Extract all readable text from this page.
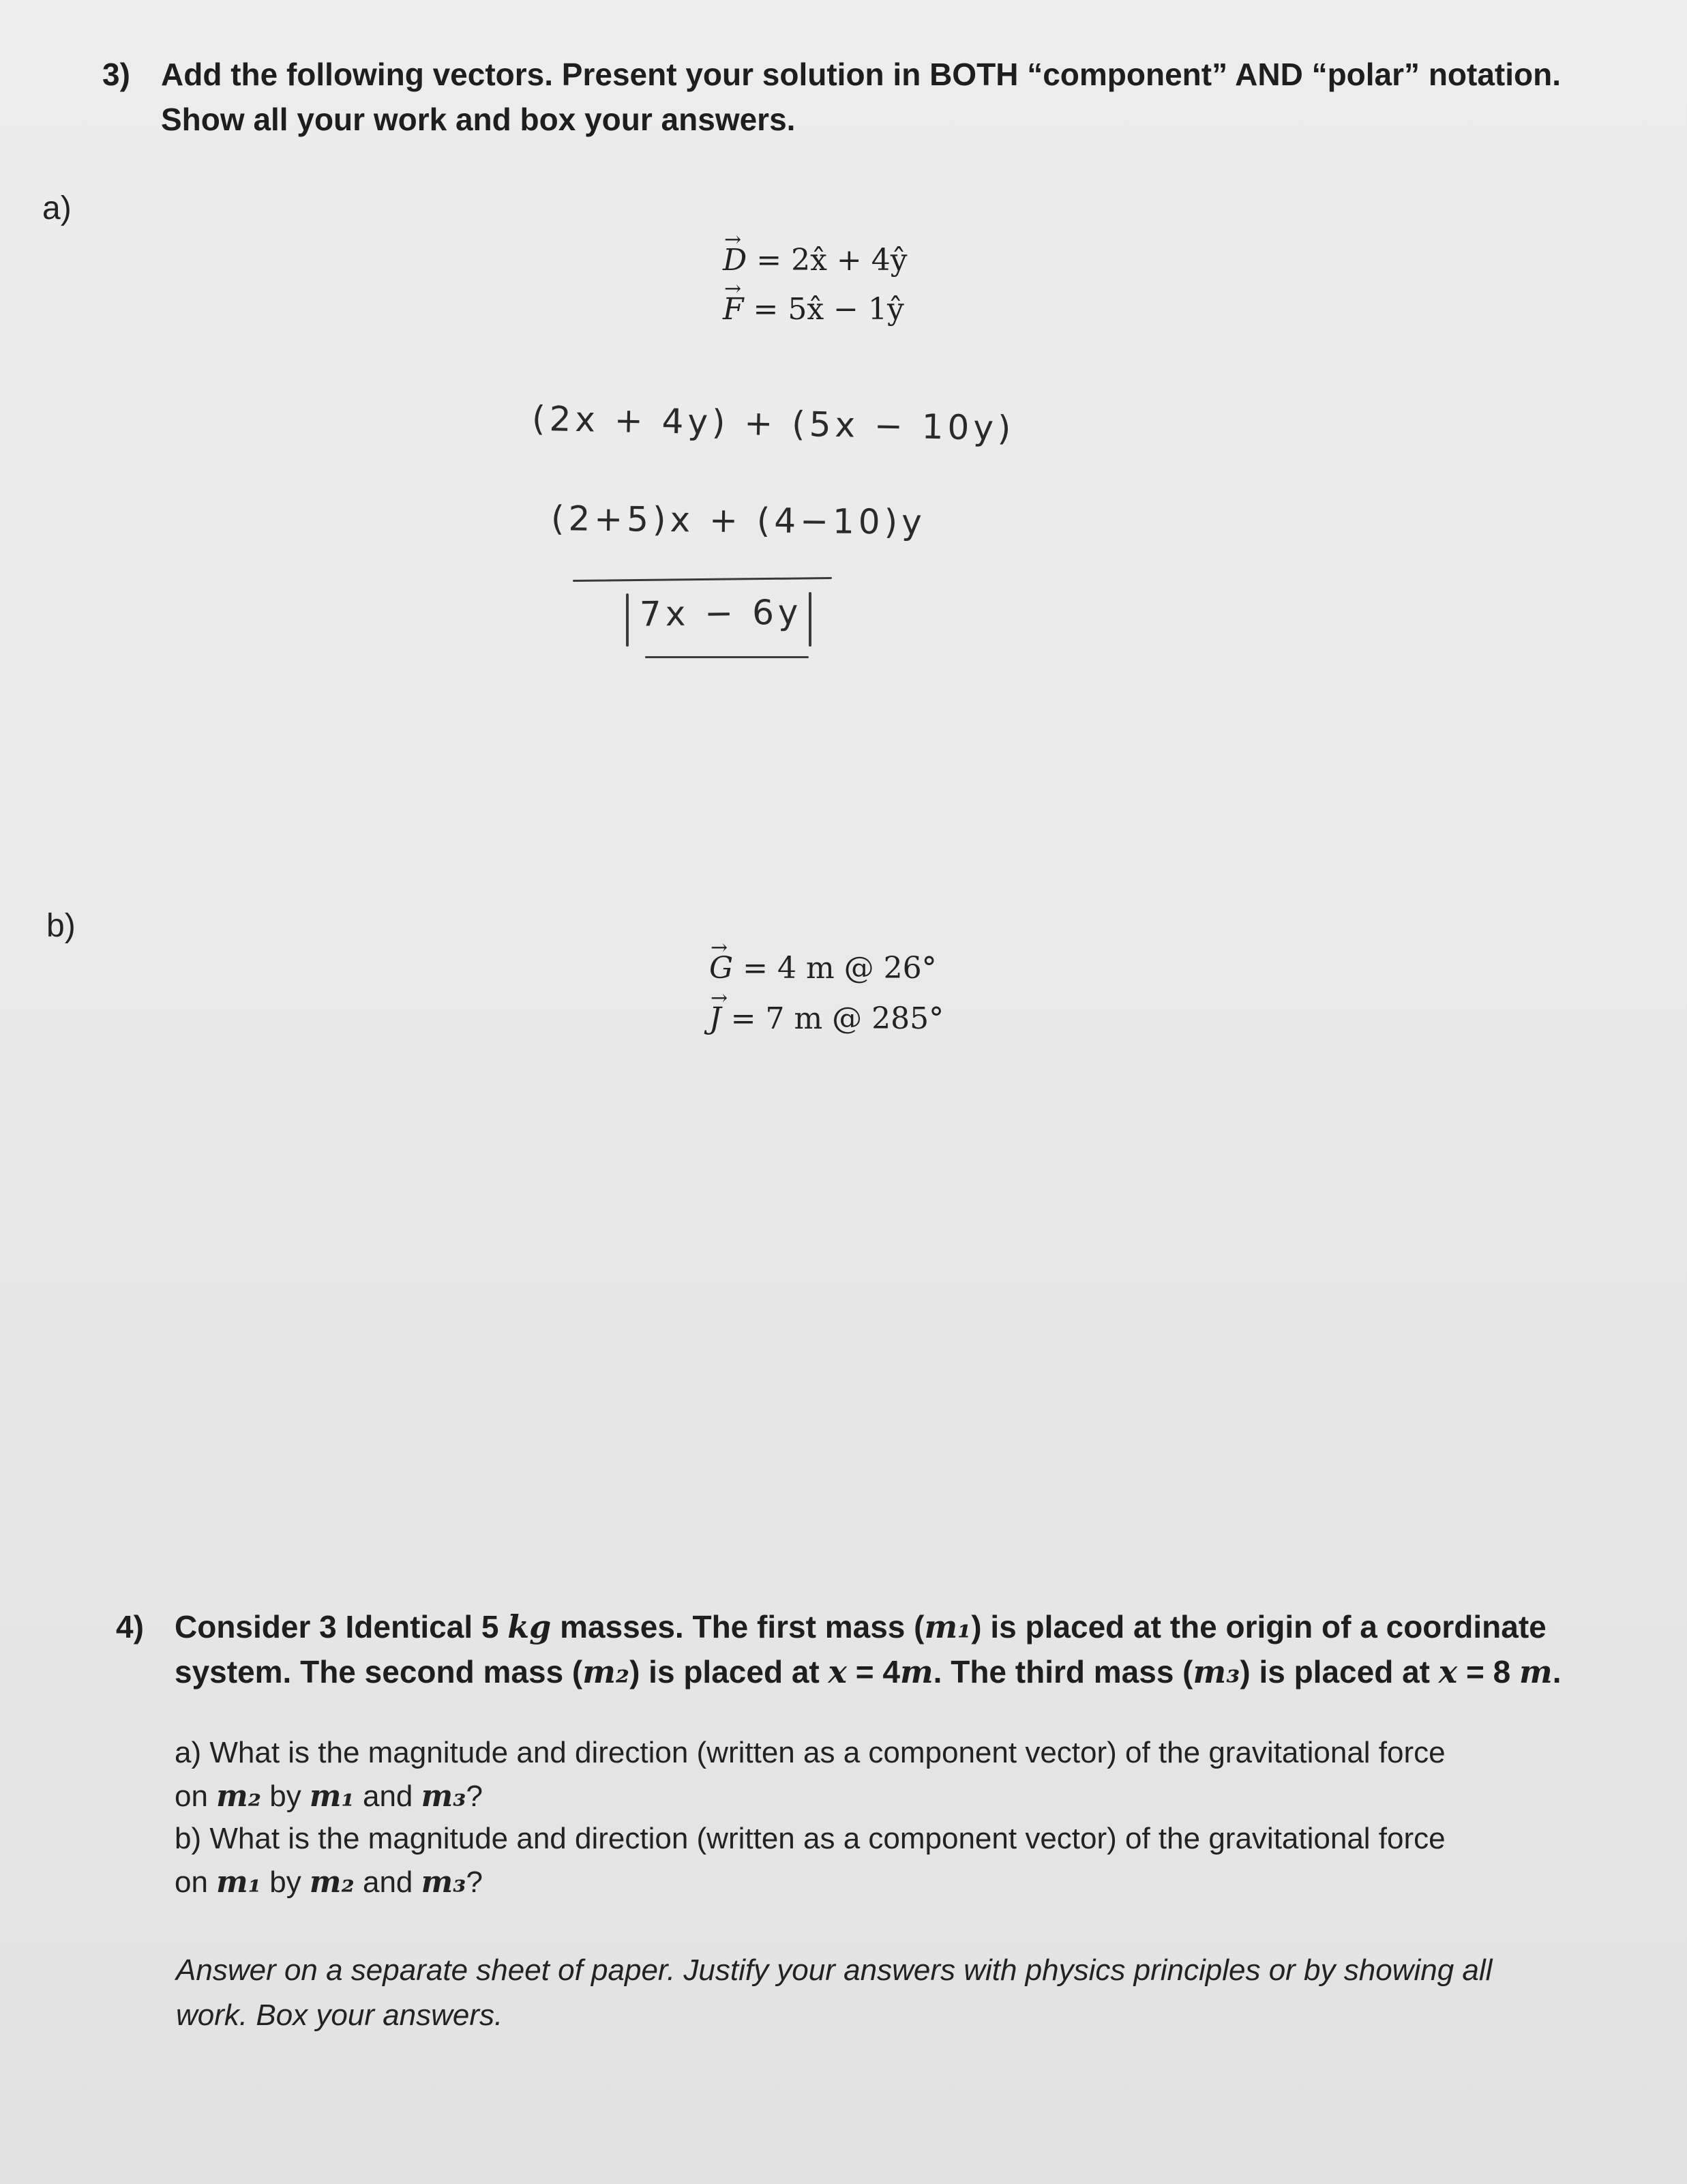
3) Add the following vectors. Present your solution in BOTH “component” AND “polar” notation.
Show all your work and box your answers.
a)
→ D = 2x̂ + 4ŷ
→ F = 5x̂ − 1ŷ
(2x + 4y) + (5x − 10y)
(2+5)x + (4−10)y
7x − 6y
b)
→ G = 4 m @ 26°
→ J = 7 m @ 285°
4) Consider 3 Identical 5 kg masses. The first mass (m₁) is placed at the origin of a coordinate
system. The second mass (m₂) is placed at x = 4m. The third mass (m₃) is placed at x = 8 m.
a) What is the magnitude and direction (written as a component vector) of the gravitational force
on m₂ by m₁ and m₃?
b) What is the magnitude and direction (written as a component vector) of the gravitational force
on m₁ by m₂ and m₃?
Answer on a separate sheet of paper. Justify your answers with physics principles or by showing all
work. Box your answers.
